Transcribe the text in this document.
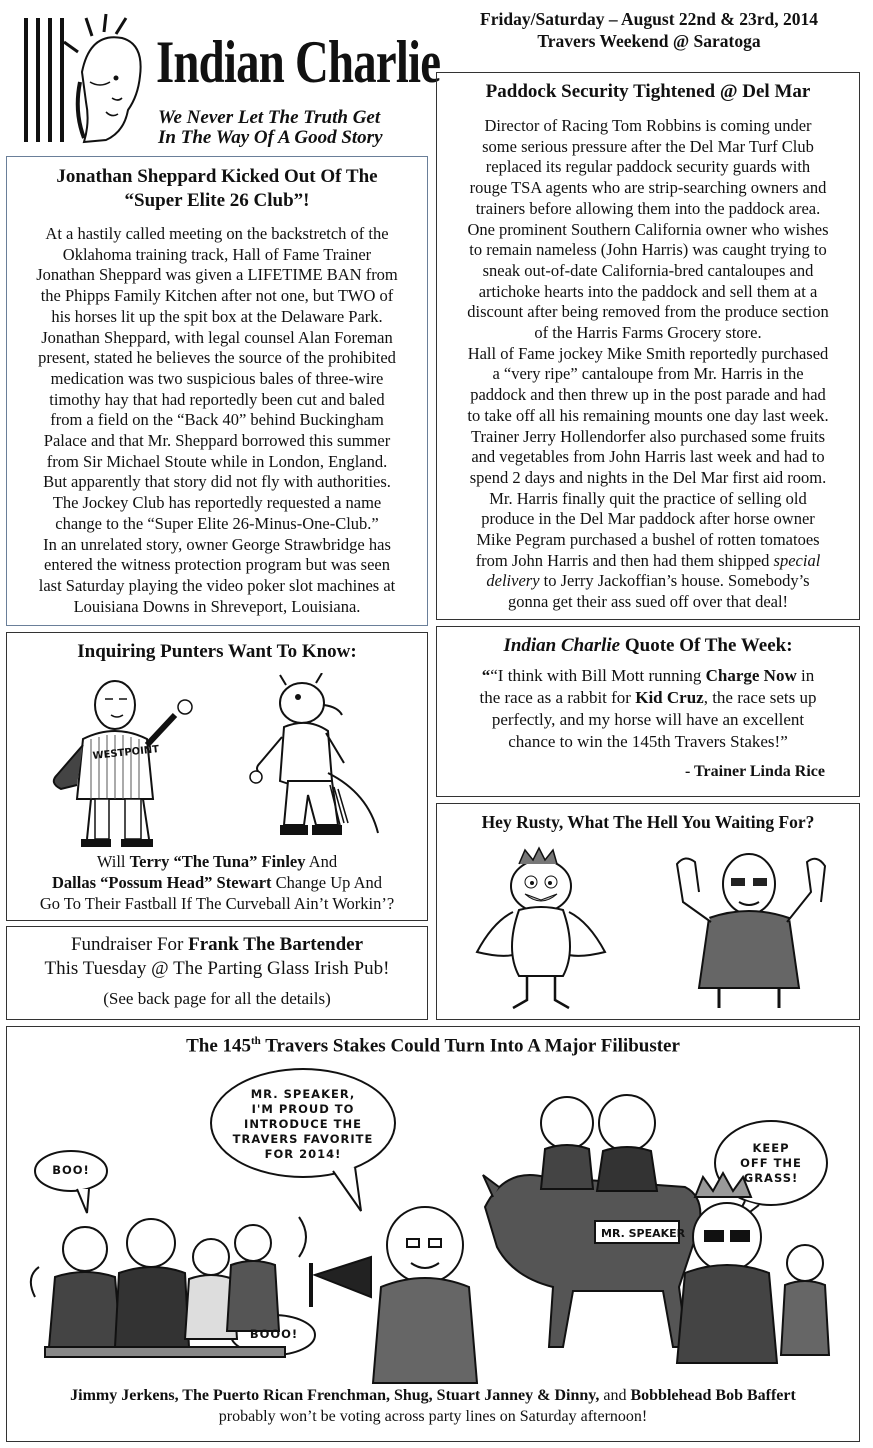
Indian Charlie
We Never Let The Truth Get
In The Way Of A Good Story
Friday/Saturday – August 22nd & 23rd, 2014
Travers Weekend @ Saratoga
Jonathan Sheppard Kicked Out Of The
“Super Elite 26 Club”!

At a hastily called meeting on the backstretch of the

Oklahoma training track, Hall of Fame Trainer

Jonathan Sheppard was given a LIFETIME BAN from

the Phipps Family Kitchen after not one, but TWO of

his horses lit up the spit box at the Delaware Park.

Jonathan Sheppard, with legal counsel Alan Foreman

present, stated he believes the source of the prohibited

medication was two suspicious bales of three-wire

timothy hay that had reportedly been cut and baled

from a field on the “Back 40” behind Buckingham

Palace and that Mr. Sheppard borrowed this summer

from Sir Michael Stoute while in London, England.

But apparently that story did not fly with authorities.

The Jockey Club has reportedly requested a name

change to the “Super Elite 26-Minus-One-Club.”

In an unrelated story, owner George Strawbridge has

entered the witness protection program but was seen

last Saturday playing the video poker slot machines at

Louisiana Downs in Shreveport, Louisiana.

Paddock Security Tightened @ Del Mar

Director of Racing Tom Robbins is coming under

some serious pressure after the Del Mar Turf Club

replaced its regular paddock security guards with

rouge TSA agents who are strip-searching owners and

trainers before allowing them into the paddock area.

One prominent Southern California owner who wishes

to remain nameless (John Harris) was caught trying to

sneak out-of-date California-bred cantaloupes and

artichoke hearts into the paddock and sell them at a

discount after being removed from the produce section

of the Harris Farms Grocery store.

Hall of Fame jockey Mike Smith reportedly purchased

a “very ripe” cantaloupe from Mr. Harris in the

paddock and then threw up in the post parade and had

to take off all his remaining mounts one day last week.

Trainer Jerry Hollendorfer also purchased some fruits

and vegetables from John Harris last week and had to

spend 2 days and nights in the Del Mar first aid room.

Mr. Harris finally quit the practice of selling old

produce in the Del Mar paddock after horse owner

Mike Pegram purchased a bushel of rotten tomatoes

from John Harris and then had them shipped special

delivery to Jerry Jackoffian’s house. Somebody’s

gonna get their ass sued off over that deal!

Inquiring Punters Want To Know:
WESTPOINT
Will Terry “The Tuna” Finley And
Dallas “Possum Head” Stewart Change Up And
Go To Their Fastball If The Curveball Ain’t Workin’?
Indian Charlie Quote Of The Week:
““I think with Bill Mott running Charge Now in
the race as a rabbit for Kid Cruz, the race sets up
perfectly, and my horse will have an excellent
chance to win the 145th Travers Stakes!”
- Trainer Linda Rice
Hey Rusty, What The Hell You Waiting For?
Fundraiser For Frank The Bartender
This Tuesday @ The Parting Glass Irish Pub!
(See back page for all the details)
The 145th Travers Stakes Could Turn Into A Major Filibuster
MR. SPEAKER
MR. SPEAKER,
I'M PROUD TO
INTRODUCE THE
TRAVERS FAVORITE
FOR 2014!
BOO!
BOOO!
KEEP
OFF THE
GRASS!
Jimmy Jerkens, The Puerto Rican Frenchman, Shug, Stuart Janney & Dinny, and Bobblehead Bob Baffert
probably won’t be voting across party lines on Saturday afternoon!
